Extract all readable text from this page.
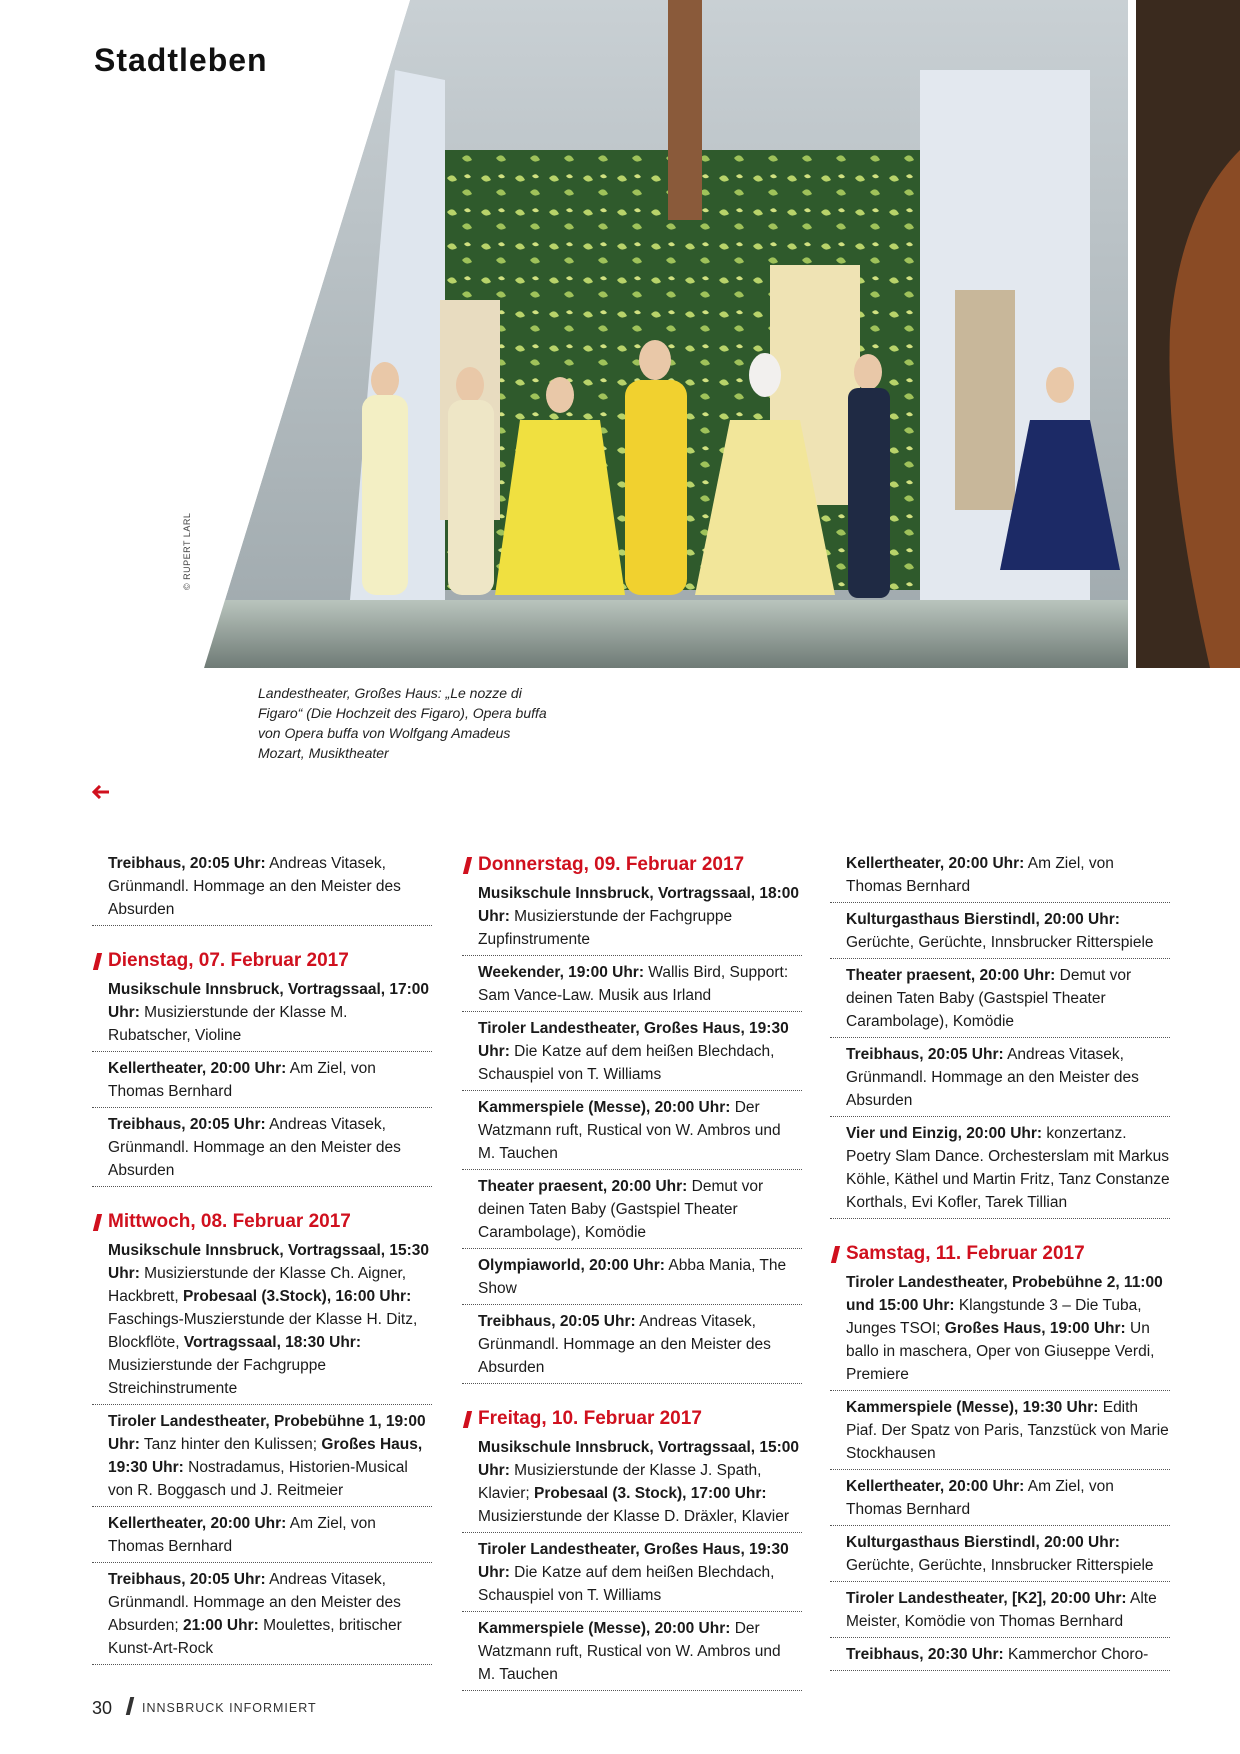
Stadtleben
© RUPERT LARL
Landestheater, Großes Haus: „Le nozze di Figaro“ (Die Hochzeit des Figaro), Opera buffa von Opera buffa von Wolfgang Amadeus Mozart, Musiktheater
Treibhaus, 20:05 Uhr: Andreas Vitasek, Grünmandl. Hommage an den Meister des Absurden
Dienstag, 07. Februar 2017
Musikschule Innsbruck, Vortragssaal, 17:00 Uhr: Musizierstunde der Klasse M. Rubatscher, Violine
Kellertheater, 20:00 Uhr: Am Ziel, von Thomas Bernhard
Treibhaus, 20:05 Uhr: Andreas Vitasek, Grünmandl. Hommage an den Meister des Absurden
Mittwoch, 08. Februar 2017
Musikschule Innsbruck, Vortragssaal, 15:30 Uhr: Musizierstunde der Klasse Ch. Aigner, Hackbrett, Probesaal (3.Stock), 16:00 Uhr: Faschings-Muszierstunde der Klasse H. Ditz, Blockflöte, Vortragssaal, 18:30 Uhr: Musizierstunde der Fachgruppe Streichinstrumente
Tiroler Landestheater, Probebühne 1, 19:00 Uhr: Tanz hinter den Kulissen; Großes Haus, 19:30 Uhr: Nostradamus, Historien-Musical von R. Boggasch und J. Reitmeier
Kellertheater, 20:00 Uhr: Am Ziel, von Thomas Bernhard
Treibhaus, 20:05 Uhr: Andreas Vitasek, Grünmandl. Hommage an den Meister des Absurden; 21:00 Uhr: Moulettes, britischer Kunst-Art-Rock
Donnerstag, 09. Februar 2017
Musikschule Innsbruck, Vortragssaal, 18:00 Uhr: Musizierstunde der Fachgruppe Zupfinstrumente
Weekender, 19:00 Uhr: Wallis Bird, Support: Sam Vance-Law. Musik aus Irland
Tiroler Landestheater, Großes Haus, 19:30 Uhr: Die Katze auf dem heißen Blechdach, Schauspiel von T. Williams
Kammerspiele (Messe), 20:00 Uhr: Der Watzmann ruft, Rustical von W. Ambros und M. Tauchen
Theater praesent, 20:00 Uhr: Demut vor deinen Taten Baby (Gastspiel Theater Carambolage), Komödie
Olympiaworld, 20:00 Uhr: Abba Mania, The Show
Treibhaus, 20:05 Uhr: Andreas Vitasek, Grünmandl. Hommage an den Meister des Absurden
Freitag, 10. Februar 2017
Musikschule Innsbruck, Vortragssaal, 15:00 Uhr: Musizierstunde der Klasse J. Spath, Klavier; Probesaal (3. Stock), 17:00 Uhr: Musizierstunde der Klasse D. Dräxler, Klavier
Tiroler Landestheater, Großes Haus, 19:30 Uhr: Die Katze auf dem heißen Blechdach, Schauspiel von T. Williams
Kammerspiele (Messe), 20:00 Uhr: Der Watzmann ruft, Rustical von W. Ambros und M. Tauchen
Kellertheater, 20:00 Uhr: Am Ziel, von Thomas Bernhard
Kulturgasthaus Bierstindl, 20:00 Uhr: Gerüchte, Gerüchte, Innsbrucker Ritterspiele
Theater praesent, 20:00 Uhr: Demut vor deinen Taten Baby (Gastspiel Theater Carambolage), Komödie
Treibhaus, 20:05 Uhr: Andreas Vitasek, Grünmandl. Hommage an den Meister des Absurden
Vier und Einzig, 20:00 Uhr: konzertanz. Poetry Slam Dance. Orchesterslam mit Markus Köhle, Käthel und Martin Fritz, Tanz Constanze Korthals, Evi Kofler, Tarek Tillian
Samstag, 11. Februar 2017
Tiroler Landestheater, Probebühne 2, 11:00 und 15:00 Uhr: Klangstunde 3 – Die Tuba, Junges TSOI; Großes Haus, 19:00 Uhr: Un ballo in maschera, Oper von Giuseppe Verdi, Premiere
Kammerspiele (Messe), 19:30 Uhr: Edith Piaf. Der Spatz von Paris, Tanzstück von Marie Stockhausen
Kellertheater, 20:00 Uhr: Am Ziel, von Thomas Bernhard
Kulturgasthaus Bierstindl, 20:00 Uhr: Gerüchte, Gerüchte, Innsbrucker Ritterspiele
Tiroler Landestheater, [K2], 20:00 Uhr: Alte Meister, Komödie von Thomas Bernhard
Treibhaus, 20:30 Uhr: Kammerchor Choro-
30 INNSBRUCK INFORMIERT
